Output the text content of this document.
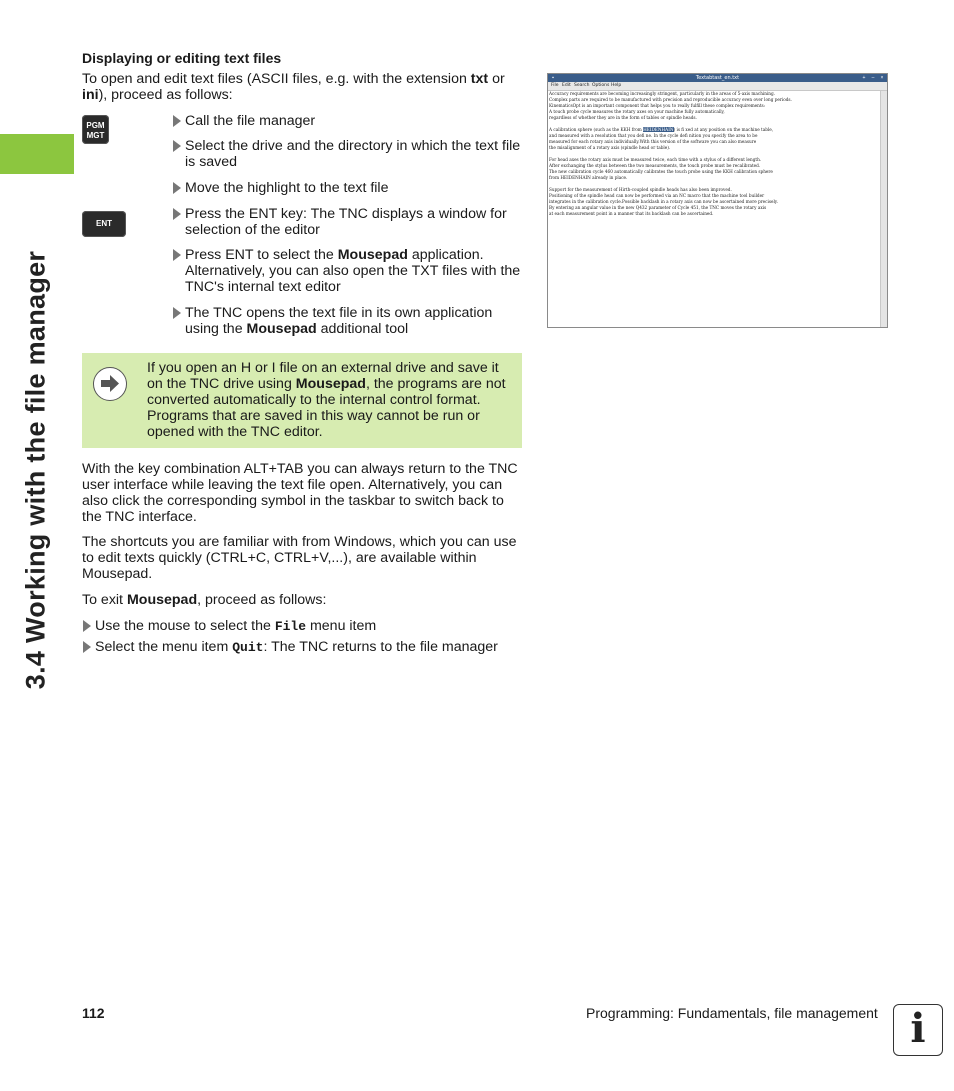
3.4 Working with the file manager
Displaying or editing text files
To open and edit text files (ASCII files, e.g. with the extension txt or ini), proceed as follows:
PGM
MGT
ENT
Call the file manager
Select the drive and the directory in which the text file is saved
Move the highlight to the text file
Press the ENT key: The TNC displays a window for selection of the editor
Press ENT to select the Mousepad application. Alternatively, you can also open the TXT files with the TNC's internal text editor
The TNC opens the text file in its own application using the Mousepad additional tool
Textabtast_en.txt
▪	+	–	×
File Edit Search Options Help
Accuracy requirements are becoming increasingly stringent, particularly in the areas of 5-axis machining.
Complex parts are required to be manufactured with precision and reproducible accuracy even over long periods.
KinematicsOpt is an important component that helps you to really fulfill these complex requirements:
A touch probe cycle measures the rotary axes on your machine fully automatically,
regardless of whether they are in the form of tables or spindle heads.
A calibration sphere (such as the KKH from HEIDENHAIN) is fi xed at any position on the machine table,
and measured with a resolution that you defi ne. In the cycle defi nition you specify the area to be
measured for each rotary axis individually.With this version of the software you can also measure
the misalignment of a rotary axis (spindle head or table).
For head axes the rotary axis must be measured twice, each time with a stylus of a different length.
After exchanging the stylus between the two measurements, the touch probe must be recalibrated.
The new calibration cycle 460 automatically calibrates the touch probe using the KKH calibration sphere
from HEIDENHAIN already in place.
Support for the measurement of Hirth-coupled spindle heads has also been improved.
Positioning of the spindle head can now be performed via an NC macro that the machine tool builder
integrates in the calibration cycle.Possible backlash in a rotary axis can now be ascertained more precisely.
By entering an angular value in the new Q432 parameter of Cycle 451, the TNC moves the rotary axis
at each measurement point in a manner that its backlash can be ascertained.
If you open an H or I file on an external drive and save it on the TNC drive using Mousepad, the programs are not converted automatically to the internal control format. Programs that are saved in this way cannot be run or opened with the TNC editor.
With the key combination ALT+TAB you can always return to the TNC user interface while leaving the text file open. Alternatively, you can also click the corresponding symbol in the taskbar to switch back to the TNC interface.
The shortcuts you are familiar with from Windows, which you can use to edit texts quickly (CTRL+C, CTRL+V,...), are available within Mousepad.
To exit Mousepad, proceed as follows:
Use the mouse to select the File menu item
Select the menu item Quit: The TNC returns to the file manager
112	Programming: Fundamentals, file management i
